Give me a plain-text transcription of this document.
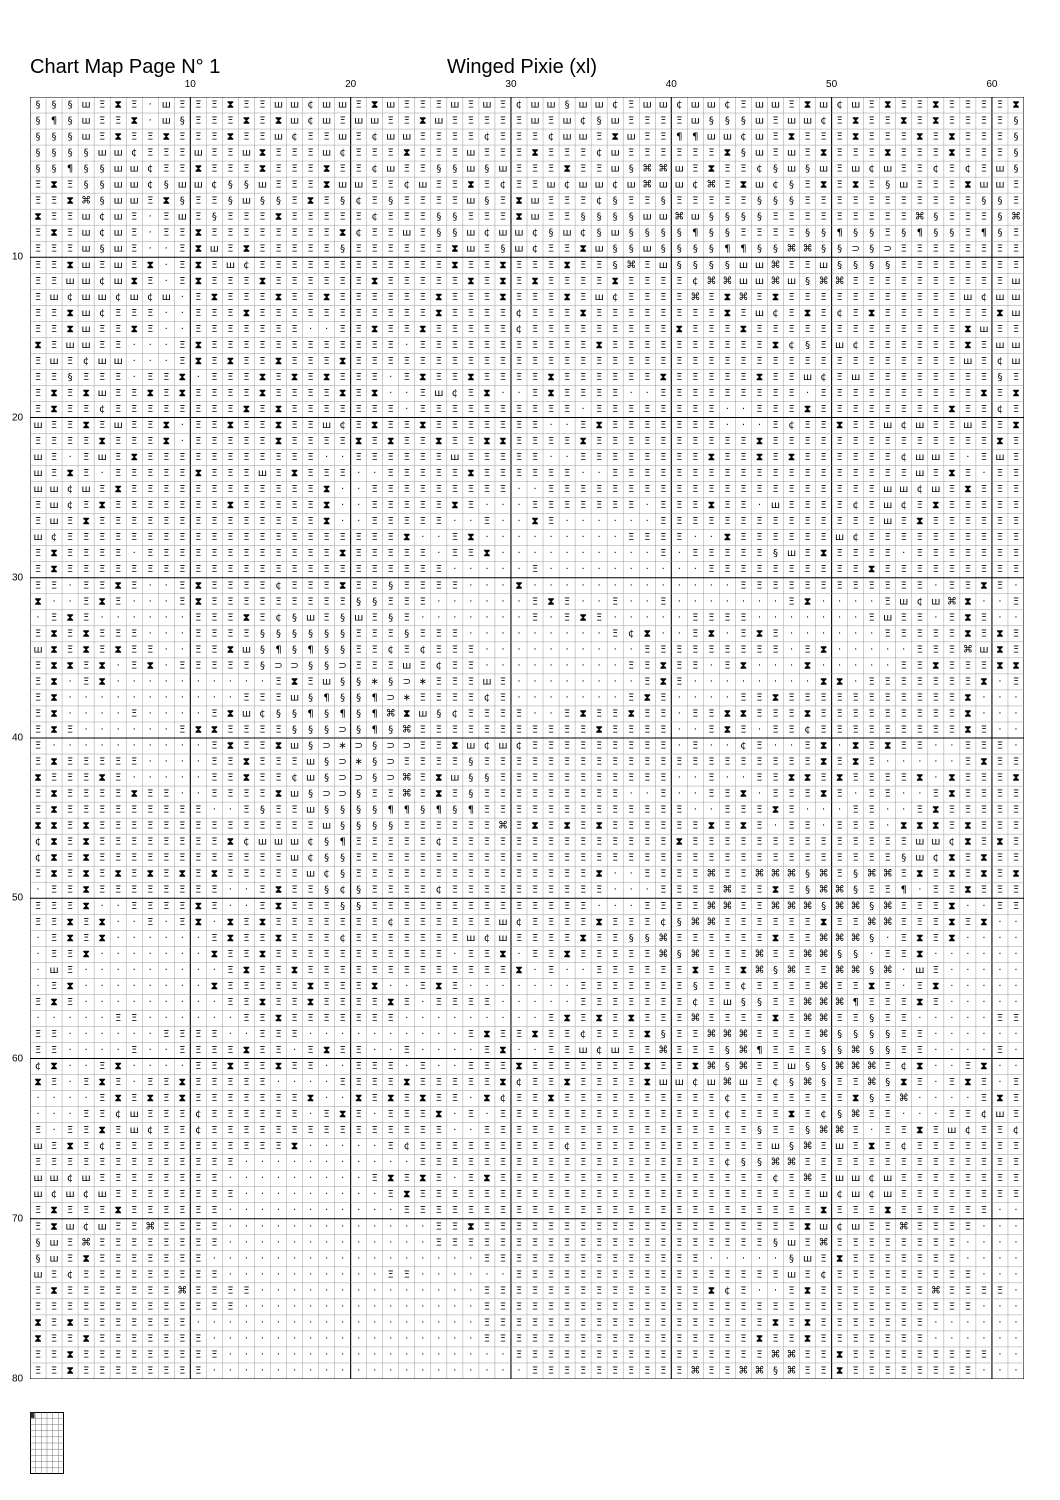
Chart Map Page N° 1	Winged Pixie (xl)
10	20	30	40	50	60
10
20
30
40
50
60
70
80
§ § § ш Ξ ⧗ Ξ · ш Ξ Ξ Ξ ⧗ Ξ Ξ ш ш ¢ ш ш Ξ ⧗ ш Ξ Ξ Ξ ш Ξ ш Ξ ¢ ш ш § ш ш ¢ Ξ ш ш ¢ ш ш ¢ Ξ ш ш Ξ ⧗ ш ¢ ш Ξ ⧗ Ξ Ξ ⧗ Ξ Ξ Ξ Ξ ⧗
§ ¶ § ш Ξ Ξ ⧗ · ш § Ξ Ξ Ξ ⧗ Ξ ⧗ ш ¢ ш Ξ ш ш Ξ Ξ ⧗ ш Ξ Ξ Ξ Ξ Ξ ш Ξ ш ¢ § ш Ξ Ξ Ξ Ξ ш § § § ш Ξ ш ш ¢ Ξ ⧗ Ξ Ξ ⧗ Ξ ⧗ Ξ Ξ Ξ Ξ §
§ § § ш Ξ ⧗ Ξ Ξ ⧗ Ξ Ξ Ξ ⧗ Ξ Ξ ш ¢ Ξ Ξ ш Ξ ¢ ш ш Ξ Ξ Ξ Ξ ¢ Ξ Ξ Ξ ¢ ш ш Ξ ⧗ ш Ξ Ξ ¶ ¶ ш ш ¢ ш Ξ ⧗ Ξ Ξ Ξ ⧗ Ξ Ξ Ξ ⧗ Ξ ⧗ Ξ Ξ Ξ §
§ § § § ш ш ¢ Ξ Ξ Ξ ш Ξ Ξ ш ⧗ Ξ Ξ Ξ ш ¢ Ξ Ξ Ξ ⧗ Ξ Ξ Ξ ш Ξ Ξ Ξ ⧗ Ξ Ξ Ξ ¢ ш Ξ Ξ Ξ Ξ Ξ Ξ ⧗ § ш Ξ ш Ξ ⧗ Ξ Ξ Ξ ⧗ Ξ Ξ Ξ ⧗ Ξ Ξ Ξ §
§ § ¶ § § ш ш ¢ Ξ Ξ ⧗ Ξ Ξ Ξ ⧗ Ξ Ξ Ξ ⧗ Ξ Ξ ¢ ш Ξ Ξ § § ш § ш Ξ Ξ Ξ ⧗ Ξ Ξ ш § ⌘ ⌘ ш Ξ ⧗ Ξ Ξ ¢ § ш § ш Ξ ш ¢ ш Ξ Ξ ¢ Ξ ¢ Ξ ш §
Ξ ⧗ Ξ § § ш ш ¢ § ш ш ¢ § § ш Ξ Ξ Ξ ⧗ ш ш Ξ Ξ ¢ ш Ξ Ξ ⧗ Ξ ¢ Ξ Ξ ш ¢ ш ш ¢ ш ⌘ ш ш ¢ ⌘ Ξ ⧗ ш ¢ § Ξ ⧗ Ξ ⧗ Ξ § ш Ξ Ξ Ξ ⧗ ш ш Ξ
Ξ Ξ ⧗ ⌘ § ш ш Ξ ⧗ § Ξ Ξ § ш § § Ξ ⧗ Ξ § ¢ Ξ § Ξ Ξ Ξ Ξ ш § Ξ ⧗ ш Ξ Ξ Ξ ¢ § Ξ Ξ § Ξ Ξ Ξ Ξ Ξ § § § Ξ Ξ Ξ Ξ Ξ Ξ Ξ Ξ Ξ Ξ Ξ § § Ξ
⧗ Ξ Ξ ш ¢ ш Ξ · Ξ ш Ξ § Ξ Ξ Ξ ⧗ Ξ Ξ Ξ Ξ Ξ ¢ Ξ Ξ Ξ § § Ξ Ξ Ξ ⧗ ш Ξ Ξ § § § § ш ш ⌘ ш § § § § Ξ Ξ Ξ Ξ Ξ Ξ Ξ Ξ Ξ ⌘ § Ξ Ξ Ξ § ⌘
Ξ ⧗ Ξ ш ¢ ш Ξ · Ξ Ξ ⧗ Ξ Ξ Ξ Ξ Ξ Ξ Ξ Ξ ⧗ ¢ Ξ Ξ ш Ξ § § ш ¢ ш ш ¢ § ш ¢ § ш § § § § ¶ § § Ξ Ξ Ξ Ξ § § ¶ § § Ξ § ¶ § § Ξ ¶ § Ξ
Ξ Ξ Ξ ш § ш Ξ · · Ξ ⧗ ш Ξ ⧗ Ξ Ξ Ξ Ξ Ξ § Ξ Ξ Ξ Ξ Ξ Ξ ⧗ ш Ξ § ш ¢ Ξ Ξ ⧗ ш § § ш § § § § ¶ ¶ § § ⌘ ⌘ § § ⊃ § ⊃ Ξ Ξ Ξ Ξ Ξ Ξ Ξ Ξ
Ξ Ξ ⧗ ш Ξ ш Ξ ⧗ · Ξ ⧗ Ξ ш ¢ Ξ Ξ Ξ Ξ Ξ Ξ Ξ Ξ Ξ Ξ Ξ Ξ ⧗ Ξ Ξ ⧗ Ξ Ξ Ξ ⧗ Ξ Ξ § ⌘ Ξ ш § § § § ш ш ⌘ Ξ Ξ ш § § § § Ξ Ξ Ξ Ξ Ξ Ξ Ξ Ξ
Ξ Ξ ш ш ¢ ш ⧗ Ξ · Ξ ⧗ Ξ Ξ Ξ ⧗ Ξ Ξ Ξ Ξ Ξ Ξ ⧗ Ξ Ξ Ξ Ξ Ξ ⧗ Ξ ⧗ Ξ ⧗ Ξ Ξ Ξ Ξ ⧗ Ξ Ξ Ξ Ξ ¢ ⌘ ⌘ ш ш ⌘ ш § ⌘ ⌘ Ξ Ξ Ξ Ξ Ξ Ξ Ξ Ξ Ξ Ξ ш
Ξ ш ¢ ш ш ¢ ш ¢ ш · Ξ ⧗ Ξ Ξ Ξ ⧗ Ξ Ξ ⧗ Ξ Ξ Ξ Ξ Ξ Ξ ⧗ Ξ Ξ Ξ ⧗ Ξ Ξ Ξ ⧗ Ξ ш ¢ Ξ Ξ Ξ Ξ ⌘ Ξ ⧗ ⌘ Ξ ⧗ Ξ Ξ Ξ Ξ Ξ Ξ Ξ Ξ Ξ Ξ Ξ ш ¢ ш ш
Ξ Ξ ⧗ ш ¢ Ξ Ξ Ξ · · Ξ Ξ Ξ ⧗ Ξ Ξ Ξ Ξ Ξ Ξ Ξ Ξ Ξ Ξ Ξ ⧗ Ξ Ξ Ξ Ξ ¢ Ξ Ξ Ξ ⧗ Ξ Ξ Ξ Ξ Ξ Ξ Ξ Ξ ⧗ Ξ ш ¢ Ξ ⧗ Ξ ¢ Ξ ⧗ Ξ Ξ Ξ Ξ Ξ Ξ Ξ ⧗ ш
Ξ Ξ ⧗ ш Ξ Ξ ⧗ Ξ · · Ξ Ξ Ξ Ξ Ξ Ξ Ξ · · Ξ Ξ ⧗ Ξ Ξ ⧗ Ξ Ξ Ξ Ξ Ξ ¢ Ξ Ξ Ξ Ξ Ξ Ξ Ξ Ξ Ξ ⧗ Ξ Ξ Ξ ⧗ Ξ Ξ Ξ Ξ Ξ Ξ Ξ Ξ Ξ Ξ Ξ Ξ Ξ ⧗ ш Ξ Ξ
⧗ Ξ ш ш Ξ Ξ · · · Ξ ⧗ Ξ Ξ Ξ Ξ Ξ Ξ Ξ Ξ Ξ Ξ Ξ Ξ · Ξ Ξ Ξ Ξ Ξ Ξ Ξ Ξ Ξ Ξ Ξ ⧗ Ξ Ξ Ξ Ξ Ξ Ξ Ξ Ξ Ξ Ξ ⧗ ¢ § Ξ ш ¢ Ξ Ξ Ξ Ξ Ξ Ξ ⧗ Ξ ш ш
Ξ ш Ξ ¢ ш ш · · · Ξ ⧗ Ξ ⧗ Ξ Ξ ⧗ Ξ Ξ Ξ ⧗ Ξ Ξ Ξ Ξ Ξ Ξ Ξ Ξ Ξ Ξ Ξ Ξ Ξ Ξ Ξ Ξ Ξ Ξ Ξ Ξ Ξ Ξ Ξ Ξ Ξ Ξ Ξ Ξ Ξ Ξ Ξ Ξ Ξ Ξ Ξ Ξ Ξ Ξ ш Ξ ¢ ш
Ξ Ξ § Ξ Ξ Ξ · Ξ Ξ ⧗ · Ξ Ξ Ξ ⧗ Ξ ⧗ Ξ ⧗ Ξ Ξ Ξ · Ξ ⧗ Ξ Ξ ⧗ Ξ Ξ Ξ Ξ ⧗ Ξ Ξ Ξ Ξ Ξ Ξ ⧗ Ξ Ξ Ξ Ξ Ξ ⧗ Ξ Ξ ш ¢ Ξ ш Ξ Ξ Ξ Ξ Ξ Ξ Ξ Ξ § Ξ
Ξ ⧗ Ξ ⧗ ш Ξ Ξ ⧗ Ξ ⧗ Ξ Ξ Ξ Ξ ⧗ Ξ Ξ Ξ Ξ ⧗ Ξ ⧗ · · Ξ ш ¢ Ξ ⧗ · · Ξ ⧗ Ξ Ξ Ξ Ξ · · Ξ Ξ Ξ Ξ Ξ Ξ Ξ Ξ Ξ · Ξ Ξ Ξ Ξ Ξ Ξ Ξ Ξ Ξ Ξ ⧗ Ξ ⧗
Ξ ⧗ Ξ Ξ ¢ Ξ Ξ Ξ Ξ Ξ Ξ Ξ Ξ ⧗ Ξ ⧗ Ξ Ξ Ξ Ξ Ξ Ξ Ξ · Ξ Ξ Ξ Ξ Ξ Ξ Ξ Ξ Ξ Ξ · Ξ Ξ Ξ Ξ Ξ Ξ Ξ Ξ · · Ξ Ξ Ξ ⧗ Ξ Ξ Ξ Ξ Ξ Ξ Ξ Ξ ⧗ Ξ Ξ ¢ Ξ
ш Ξ Ξ ⧗ Ξ ш Ξ Ξ ⧗ · Ξ Ξ ⧗ Ξ Ξ ⧗ Ξ Ξ ш ¢ Ξ ⧗ Ξ Ξ ⧗ Ξ Ξ Ξ Ξ Ξ Ξ Ξ · · Ξ ⧗ Ξ Ξ Ξ Ξ Ξ Ξ Ξ · · · Ξ ¢ Ξ Ξ ⧗ Ξ Ξ ш ¢ ш Ξ Ξ ш Ξ Ξ ⧗
Ξ Ξ Ξ Ξ ⧗ Ξ Ξ Ξ ⧗ · Ξ Ξ Ξ Ξ Ξ ⧗ Ξ Ξ Ξ Ξ ⧗ Ξ ⧗ Ξ Ξ ⧗ Ξ Ξ ⧗ ⧗ Ξ Ξ Ξ Ξ ⧗ Ξ Ξ Ξ Ξ Ξ Ξ Ξ Ξ Ξ Ξ ⧗ Ξ Ξ Ξ Ξ Ξ Ξ Ξ Ξ Ξ Ξ Ξ Ξ Ξ Ξ ⧗ Ξ
ш Ξ · Ξ ш Ξ ⧗ Ξ Ξ Ξ Ξ Ξ Ξ Ξ Ξ Ξ Ξ Ξ · · Ξ Ξ Ξ Ξ Ξ Ξ ш Ξ Ξ Ξ Ξ Ξ · · Ξ Ξ Ξ Ξ Ξ Ξ Ξ Ξ ⧗ Ξ Ξ ⧗ Ξ ⧗ Ξ Ξ Ξ Ξ Ξ Ξ ¢ ш ш Ξ · Ξ ш Ξ
ш Ξ ⧗ Ξ · Ξ Ξ Ξ Ξ Ξ ⧗ Ξ Ξ Ξ ш Ξ ⧗ Ξ Ξ Ξ · · Ξ Ξ Ξ Ξ Ξ ⧗ Ξ Ξ Ξ Ξ Ξ Ξ · · Ξ Ξ Ξ Ξ Ξ Ξ Ξ Ξ Ξ Ξ Ξ Ξ Ξ Ξ Ξ Ξ Ξ Ξ Ξ ш Ξ ⧗ Ξ · Ξ Ξ
ш ш ¢ ш Ξ ⧗ Ξ Ξ Ξ Ξ Ξ Ξ Ξ Ξ Ξ Ξ Ξ Ξ ⧗ · · Ξ Ξ Ξ Ξ Ξ Ξ Ξ Ξ Ξ · · Ξ Ξ Ξ Ξ Ξ Ξ Ξ Ξ Ξ Ξ Ξ Ξ Ξ Ξ Ξ Ξ Ξ Ξ Ξ Ξ Ξ ш ш ¢ ш Ξ ⧗ Ξ Ξ Ξ
Ξ ш ¢ Ξ ⧗ Ξ Ξ Ξ Ξ Ξ Ξ Ξ ⧗ Ξ Ξ Ξ Ξ Ξ ⧗ · · Ξ Ξ Ξ Ξ Ξ ⧗ Ξ · · · Ξ Ξ Ξ Ξ Ξ Ξ Ξ · Ξ Ξ Ξ ⧗ Ξ Ξ · ш Ξ Ξ Ξ Ξ ¢ Ξ ш ¢ Ξ ⧗ Ξ Ξ Ξ Ξ Ξ
Ξ ш Ξ ⧗ Ξ Ξ Ξ Ξ Ξ Ξ Ξ Ξ Ξ Ξ Ξ Ξ Ξ Ξ ⧗ · · Ξ Ξ Ξ Ξ Ξ · · Ξ · · ⧗ Ξ · · · · · · Ξ Ξ Ξ Ξ Ξ Ξ Ξ Ξ Ξ Ξ Ξ Ξ Ξ Ξ ш Ξ ⧗ Ξ Ξ Ξ Ξ Ξ Ξ
ш ¢ Ξ Ξ Ξ Ξ Ξ Ξ Ξ Ξ Ξ Ξ Ξ Ξ Ξ Ξ Ξ Ξ Ξ Ξ Ξ Ξ Ξ ⧗ · · Ξ ⧗ · · · · · · · · · Ξ Ξ Ξ Ξ · · ⧗ Ξ Ξ Ξ Ξ Ξ Ξ ш ¢ Ξ Ξ Ξ Ξ Ξ Ξ Ξ Ξ Ξ Ξ
Ξ ⧗ Ξ Ξ Ξ Ξ · Ξ Ξ Ξ Ξ Ξ Ξ Ξ Ξ Ξ Ξ Ξ Ξ ⧗ Ξ Ξ Ξ Ξ Ξ · Ξ Ξ ⧗ · · · · · · · · · · Ξ · Ξ Ξ Ξ Ξ Ξ § ш Ξ ⧗ Ξ Ξ Ξ Ξ · Ξ Ξ Ξ Ξ Ξ Ξ Ξ
Ξ ⧗ Ξ Ξ Ξ Ξ Ξ Ξ Ξ Ξ Ξ Ξ Ξ Ξ Ξ Ξ Ξ Ξ Ξ Ξ Ξ Ξ Ξ Ξ Ξ Ξ · · · · · Ξ · · · · · · · · · · Ξ Ξ Ξ Ξ Ξ Ξ Ξ Ξ Ξ Ξ ⧗ Ξ Ξ Ξ Ξ Ξ Ξ Ξ Ξ Ξ
Ξ Ξ · Ξ Ξ ⧗ Ξ · · Ξ ⧗ Ξ Ξ Ξ Ξ ¢ Ξ Ξ Ξ ⧗ Ξ Ξ § Ξ Ξ Ξ Ξ · · · ⧗ · · · · · · · · · · · · · Ξ Ξ Ξ Ξ Ξ Ξ Ξ Ξ Ξ Ξ Ξ Ξ · Ξ Ξ ⧗ Ξ ·
⧗ · · Ξ ⧗ Ξ · · · Ξ ⧗ Ξ Ξ Ξ Ξ Ξ Ξ Ξ Ξ Ξ § § Ξ Ξ Ξ · · · · · · Ξ ⧗ Ξ · · Ξ · · Ξ · · · · · · · Ξ ⧗ · · · · Ξ ш ¢ ш ⌘ ⧗ · · Ξ
· Ξ ⧗ Ξ · · · · · · Ξ Ξ Ξ ⧗ Ξ ¢ § ш Ξ § ш Ξ § Ξ · · · · · · · Ξ · Ξ ⧗ Ξ · · · · · Ξ Ξ Ξ Ξ · · · · · · · Ξ ш Ξ Ξ · Ξ ⧗ Ξ · ·
Ξ ⧗ Ξ ⧗ Ξ Ξ Ξ · · · Ξ Ξ Ξ Ξ § § § § § § Ξ Ξ Ξ § Ξ Ξ Ξ · · · · · · · · · Ξ ¢ ⧗ · · Ξ ⧗ · Ξ ⧗ Ξ · · · · · · Ξ Ξ Ξ Ξ Ξ ⧗ Ξ ⧗ Ξ
ш ⧗ Ξ ⧗ Ξ ⧗ Ξ Ξ · · Ξ Ξ ⧗ ш § ¶ § ¶ § § Ξ Ξ ¢ Ξ ¢ Ξ Ξ Ξ · · · · · · · · · · Ξ Ξ Ξ Ξ Ξ Ξ Ξ Ξ Ξ · Ξ ⧗ · · · · · Ξ Ξ Ξ ⌘ ш ⧗ Ξ
Ξ ⧗ ⧗ Ξ ⧗ · Ξ ⧗ · Ξ Ξ Ξ Ξ Ξ § ⊃ ⊃ § § ⊃ Ξ Ξ Ξ ш Ξ ¢ Ξ Ξ · · · · · · · · · Ξ Ξ ⧗ Ξ Ξ · Ξ ⧗ · · · ⧗ · · · · · Ξ Ξ ⧗ Ξ Ξ Ξ ⧗ ⧗
Ξ ⧗ · Ξ ⧗ · · · · · · · · · · Ξ ⧗ Ξ ш § § ∗ § ⊃ ∗ Ξ Ξ Ξ ш Ξ · · · · · · · · Ξ ⧗ Ξ · · · · · · · · ⧗ ⧗ · Ξ Ξ Ξ Ξ Ξ Ξ Ξ ⧗ · Ξ
Ξ ⧗ · · · · · · · · · · · Ξ Ξ Ξ ш § ¶ § § ¶ ⊃ ∗ Ξ Ξ Ξ Ξ ¢ Ξ · · · · · · · Ξ ⧗ Ξ · · · · Ξ Ξ ⧗ Ξ Ξ Ξ Ξ Ξ Ξ Ξ Ξ Ξ Ξ Ξ ⧗ · · ·
Ξ ⧗ · · · · Ξ · · · · Ξ ⧗ ш ¢ § § ¶ § ¶ § ¶ ⌘ ⧗ ш § ¢ Ξ Ξ Ξ Ξ · · Ξ ⧗ Ξ Ξ ⧗ Ξ Ξ · Ξ Ξ ⧗ ⧗ Ξ Ξ Ξ ⧗ Ξ Ξ Ξ Ξ Ξ Ξ Ξ Ξ Ξ ⧗ · · ·
Ξ ⧗ Ξ · · · · · · Ξ ⧗ ⧗ Ξ Ξ Ξ Ξ § § § ⊃ § ¶ § ⌘ Ξ Ξ Ξ Ξ Ξ Ξ Ξ Ξ Ξ Ξ Ξ ⧗ Ξ Ξ Ξ Ξ · · Ξ ⧗ Ξ · Ξ Ξ ¢ Ξ Ξ Ξ Ξ Ξ Ξ Ξ Ξ Ξ ⧗ Ξ · ·
Ξ · · · · · · · · · · Ξ ⧗ Ξ Ξ ⧗ ш § ⊃ ∗ ⊃ § ⊃ ⊃ Ξ Ξ ⧗ ш ¢ ш ¢ Ξ Ξ Ξ Ξ Ξ Ξ Ξ Ξ Ξ · Ξ · · ¢ Ξ · · Ξ ⧗ · ⧗ Ξ ⧗ Ξ Ξ · · Ξ Ξ Ξ ·
Ξ ⧗ Ξ Ξ Ξ Ξ Ξ · · · · Ξ Ξ ⧗ Ξ Ξ Ξ ш § ⊃ ∗ § ⊃ Ξ Ξ Ξ Ξ § Ξ Ξ Ξ Ξ Ξ Ξ Ξ Ξ Ξ Ξ Ξ Ξ Ξ Ξ Ξ Ξ Ξ Ξ Ξ Ξ Ξ ⧗ Ξ ⧗ Ξ · · · · · Ξ ⧗ Ξ Ξ
⧗ Ξ Ξ Ξ ⧗ Ξ · · · · · Ξ Ξ ⧗ Ξ Ξ ¢ ш § ⊃ ⊃ § ⊃ ⌘ Ξ ⧗ ш § § Ξ Ξ Ξ Ξ Ξ Ξ Ξ Ξ Ξ Ξ Ξ · · Ξ · · Ξ Ξ ⧗ ⧗ Ξ ⧗ Ξ Ξ Ξ Ξ ⧗ · ⧗ Ξ Ξ Ξ ⧗
Ξ ⧗ Ξ Ξ Ξ Ξ ⧗ Ξ Ξ · · Ξ Ξ Ξ Ξ ⧗ ш § ⊃ ⊃ § Ξ Ξ ⌘ Ξ ⧗ Ξ § Ξ Ξ Ξ Ξ Ξ Ξ Ξ Ξ Ξ · · Ξ · · Ξ Ξ ⧗ · Ξ Ξ Ξ ⧗ Ξ · Ξ Ξ · · Ξ ⧗ Ξ Ξ Ξ Ξ
Ξ ⧗ Ξ Ξ Ξ Ξ Ξ Ξ Ξ Ξ Ξ · · Ξ § Ξ Ξ ш § § § § ¶ ¶ § ¶ § ¶ Ξ Ξ Ξ Ξ Ξ Ξ Ξ Ξ Ξ Ξ Ξ Ξ Ξ · · Ξ Ξ Ξ ⧗ Ξ · · · Ξ Ξ · · Ξ ⧗ Ξ Ξ Ξ Ξ Ξ
⧗ ⧗ Ξ ⧗ Ξ Ξ Ξ Ξ Ξ Ξ Ξ Ξ Ξ Ξ Ξ Ξ Ξ Ξ ш § § § § Ξ Ξ Ξ Ξ Ξ Ξ ⌘ Ξ ⧗ Ξ ⧗ Ξ ⧗ Ξ Ξ Ξ Ξ Ξ Ξ ⧗ Ξ ⧗ Ξ · Ξ Ξ · Ξ Ξ Ξ · ⧗ ⧗ ⧗ Ξ ⧗ Ξ Ξ Ξ
¢ ⧗ Ξ ⧗ Ξ Ξ Ξ Ξ Ξ Ξ Ξ Ξ ⧗ ¢ ш ш ш ¢ § ¶ Ξ Ξ Ξ Ξ Ξ ¢ Ξ Ξ Ξ Ξ Ξ Ξ Ξ Ξ Ξ Ξ Ξ Ξ Ξ Ξ ⧗ Ξ Ξ Ξ Ξ Ξ Ξ Ξ Ξ Ξ Ξ Ξ Ξ Ξ Ξ ш ш ¢ ⧗ Ξ ⧗ Ξ
¢ ⧗ Ξ ⧗ Ξ Ξ Ξ Ξ Ξ Ξ Ξ Ξ Ξ Ξ Ξ Ξ ш ¢ § § Ξ Ξ Ξ Ξ Ξ Ξ Ξ Ξ Ξ Ξ Ξ Ξ Ξ Ξ Ξ Ξ Ξ Ξ Ξ Ξ Ξ Ξ Ξ Ξ Ξ Ξ Ξ Ξ Ξ Ξ Ξ Ξ Ξ Ξ § ш ¢ ⧗ Ξ ⧗ Ξ Ξ
Ξ ⧗ Ξ ⧗ Ξ ⧗ Ξ ⧗ Ξ ⧗ Ξ ⧗ Ξ Ξ Ξ Ξ Ξ ш ¢ § Ξ Ξ Ξ Ξ Ξ Ξ Ξ Ξ Ξ Ξ Ξ Ξ Ξ Ξ Ξ ⧗ · · Ξ Ξ Ξ Ξ ⌘ Ξ Ξ ⌘ ⌘ ⌘ § ⌘ Ξ § ⌘ ⌘ Ξ ⧗ Ξ ⧗ Ξ ⧗ Ξ ⧗
· Ξ Ξ ⧗ Ξ Ξ Ξ Ξ Ξ Ξ Ξ Ξ · · Ξ ⧗ Ξ Ξ § ¢ § Ξ Ξ Ξ Ξ ¢ Ξ Ξ Ξ Ξ Ξ Ξ Ξ Ξ Ξ Ξ · · · Ξ Ξ Ξ Ξ ⌘ Ξ Ξ ⧗ Ξ § ⌘ ⌘ § Ξ Ξ ¶ · Ξ Ξ ⧗ Ξ Ξ Ξ
Ξ Ξ Ξ ⧗ · · Ξ Ξ Ξ Ξ ⧗ Ξ · · Ξ ⧗ Ξ Ξ Ξ § § Ξ Ξ Ξ Ξ Ξ Ξ Ξ Ξ Ξ Ξ Ξ Ξ Ξ Ξ · · · Ξ Ξ Ξ Ξ ⌘ ⌘ Ξ Ξ ⌘ ⌘ ⌘ § ⌘ ⌘ § ⌘ Ξ Ξ Ξ ⧗ · · Ξ Ξ
Ξ Ξ ⧗ Ξ ⧗ · · Ξ · Ξ ⧗ · ⧗ Ξ ⧗ Ξ Ξ Ξ Ξ Ξ Ξ Ξ ¢ Ξ Ξ Ξ Ξ Ξ Ξ ш ¢ Ξ Ξ Ξ Ξ ⧗ Ξ Ξ Ξ ¢ § ⌘ ⌘ Ξ Ξ Ξ Ξ Ξ Ξ ⧗ Ξ Ξ ⌘ ⌘ Ξ Ξ Ξ ⧗ Ξ ⧗ · ·
· Ξ ⧗ Ξ ⧗ · · · · · · Ξ ⧗ Ξ Ξ ⧗ Ξ Ξ Ξ ¢ Ξ Ξ Ξ Ξ Ξ Ξ Ξ ш ¢ ш Ξ Ξ Ξ Ξ ⧗ Ξ Ξ § § ⌘ Ξ Ξ Ξ Ξ Ξ Ξ ⧗ Ξ Ξ ⌘ ⌘ ⌘ § · Ξ ⧗ Ξ ⧗ · · · ·
· Ξ Ξ ⧗ · · · · · · · ⧗ Ξ Ξ ⧗ Ξ Ξ Ξ Ξ Ξ Ξ Ξ Ξ Ξ Ξ Ξ · Ξ Ξ ⧗ · Ξ Ξ ⧗ Ξ Ξ Ξ Ξ Ξ ⌘ § ⌘ Ξ Ξ Ξ ⌘ Ξ Ξ ⌘ ⌘ § § · Ξ Ξ ⧗ · · · · · ·
· ш Ξ · · · · · · · · · Ξ ⧗ Ξ Ξ ⧗ Ξ Ξ Ξ Ξ Ξ Ξ Ξ Ξ Ξ Ξ Ξ Ξ Ξ ⧗ · Ξ · · Ξ Ξ Ξ Ξ Ξ Ξ ⧗ Ξ Ξ ⧗ ⌘ § ⌘ Ξ Ξ ⌘ ⌘ § ⌘ · ш Ξ · · · · ·
· Ξ ⧗ · · · · · · · · ⧗ Ξ Ξ Ξ Ξ Ξ ⧗ Ξ Ξ Ξ ⧗ · · Ξ ⧗ Ξ · · · · · · · Ξ Ξ Ξ Ξ Ξ Ξ Ξ § Ξ Ξ ¢ Ξ Ξ Ξ Ξ ⌘ Ξ Ξ ⧗ Ξ · Ξ ⧗ · · · · ·
Ξ ⧗ Ξ · · · · · · · · · Ξ Ξ ⧗ Ξ Ξ ⧗ Ξ Ξ Ξ Ξ ⧗ Ξ · Ξ Ξ Ξ Ξ · · · · · Ξ Ξ Ξ Ξ Ξ Ξ Ξ ¢ Ξ ш § § Ξ Ξ ⌘ ⌘ ⌘ ¶ Ξ Ξ Ξ ⧗ Ξ · · · · ·
· · · · · Ξ Ξ · · · · · · Ξ Ξ ⧗ Ξ Ξ Ξ Ξ Ξ Ξ Ξ · · · · · · · · · Ξ ⧗ Ξ ⧗ Ξ ⧗ Ξ Ξ Ξ ⌘ Ξ Ξ Ξ Ξ ⧗ Ξ ⌘ ⌘ Ξ Ξ § Ξ Ξ · · · · · Ξ Ξ
Ξ Ξ · · · · · · Ξ Ξ Ξ Ξ · · Ξ Ξ Ξ · · · · · · · · · · Ξ ⧗ Ξ Ξ ⧗ Ξ Ξ ¢ Ξ Ξ Ξ ⧗ § Ξ Ξ ⌘ ⌘ ⌘ Ξ Ξ Ξ Ξ ⌘ § § § § Ξ Ξ · · · · · ·
Ξ Ξ · · · · Ξ · · Ξ Ξ Ξ Ξ ⧗ Ξ Ξ · Ξ ⧗ Ξ Ξ · · Ξ · · · · Ξ ⧗ · · Ξ Ξ ш ¢ ш Ξ Ξ ⌘ Ξ Ξ Ξ § ⌘ ¶ Ξ Ξ Ξ § § ⌘ § § Ξ Ξ · · · · Ξ ·
¢ ⧗ · · Ξ ⧗ · · · · Ξ Ξ ⧗ Ξ Ξ ⧗ Ξ Ξ · · Ξ Ξ Ξ · Ξ · · Ξ Ξ Ξ ⧗ Ξ Ξ Ξ Ξ Ξ Ξ Ξ ⧗ Ξ Ξ ⧗ ⌘ § ⌘ Ξ Ξ ш § § ⌘ ⌘ ⌘ Ξ ¢ ⧗ · · Ξ ⧗ · ·
⧗ Ξ · Ξ ⧗ Ξ · Ξ Ξ ⧗ Ξ Ξ Ξ Ξ Ξ · · · · Ξ Ξ Ξ Ξ ⧗ Ξ Ξ Ξ Ξ Ξ ⧗ ¢ Ξ Ξ ⧗ Ξ Ξ Ξ Ξ ⧗ ш ш ¢ ш ⌘ ш Ξ ¢ § ⌘ § Ξ Ξ ⌘ § ⧗ Ξ · Ξ ⧗ Ξ · Ξ
· · · · Ξ ⧗ Ξ ⧗ Ξ ⧗ Ξ Ξ Ξ Ξ Ξ Ξ Ξ ⧗ · · ⧗ Ξ ⧗ Ξ ⧗ Ξ Ξ · ⧗ ¢ Ξ Ξ ⧗ Ξ Ξ Ξ Ξ Ξ Ξ Ξ Ξ Ξ Ξ ¢ Ξ Ξ Ξ Ξ Ξ Ξ Ξ ⧗ § Ξ ⌘ · · · · Ξ ⧗ Ξ
· · · Ξ Ξ ¢ ш Ξ Ξ Ξ ¢ Ξ Ξ Ξ Ξ Ξ Ξ · Ξ ⧗ Ξ · Ξ Ξ Ξ ⧗ · Ξ · Ξ Ξ Ξ Ξ Ξ Ξ Ξ Ξ Ξ Ξ Ξ Ξ Ξ Ξ ¢ Ξ Ξ Ξ ⧗ Ξ ¢ § ⌘ Ξ Ξ · · · Ξ Ξ ¢ ш Ξ
Ξ · Ξ Ξ ⧗ Ξ ш ¢ Ξ Ξ ¢ Ξ Ξ Ξ Ξ Ξ Ξ Ξ Ξ Ξ Ξ Ξ Ξ Ξ Ξ Ξ · · Ξ Ξ Ξ Ξ Ξ Ξ Ξ Ξ Ξ Ξ Ξ Ξ Ξ Ξ Ξ Ξ Ξ § Ξ Ξ § ⌘ ⌘ Ξ · Ξ Ξ ⧗ Ξ ш ¢ Ξ Ξ ¢
ш Ξ ⧗ Ξ ¢ Ξ Ξ Ξ Ξ Ξ Ξ Ξ Ξ Ξ Ξ Ξ ⧗ · · · · · Ξ ¢ Ξ Ξ Ξ Ξ Ξ Ξ Ξ Ξ Ξ ¢ Ξ Ξ Ξ Ξ Ξ Ξ Ξ Ξ Ξ Ξ Ξ Ξ ш § ⌘ Ξ ш Ξ ⧗ Ξ ¢ Ξ Ξ Ξ Ξ Ξ Ξ Ξ
Ξ Ξ Ξ Ξ Ξ Ξ Ξ Ξ Ξ Ξ Ξ Ξ Ξ · · · · · · · · · · · Ξ Ξ Ξ Ξ Ξ Ξ Ξ Ξ Ξ Ξ Ξ Ξ Ξ Ξ Ξ Ξ Ξ Ξ Ξ ¢ § § ⌘ ⌘ Ξ Ξ Ξ Ξ Ξ Ξ Ξ Ξ Ξ Ξ Ξ Ξ Ξ Ξ
ш ш ¢ ш Ξ Ξ Ξ Ξ Ξ Ξ Ξ Ξ · · · · · · · · · Ξ ⧗ Ξ ⧗ Ξ · Ξ ⧗ Ξ Ξ Ξ Ξ Ξ Ξ Ξ Ξ Ξ Ξ Ξ Ξ Ξ Ξ Ξ Ξ Ξ ¢ Ξ ⌘ Ξ ш ш ¢ ш Ξ Ξ Ξ Ξ Ξ Ξ Ξ Ξ
ш ¢ ш ¢ ш Ξ Ξ Ξ Ξ Ξ Ξ Ξ Ξ · · · · · · · · · Ξ ⧗ Ξ Ξ Ξ Ξ Ξ Ξ Ξ Ξ Ξ Ξ Ξ Ξ Ξ Ξ Ξ Ξ Ξ Ξ Ξ Ξ Ξ Ξ Ξ Ξ Ξ ш ¢ ш ¢ ш Ξ Ξ Ξ Ξ Ξ Ξ Ξ Ξ
Ξ ⧗ Ξ Ξ Ξ ⧗ Ξ Ξ Ξ Ξ Ξ Ξ · · · · · · · · · · · Ξ Ξ Ξ Ξ Ξ Ξ Ξ Ξ Ξ Ξ Ξ Ξ Ξ Ξ Ξ Ξ Ξ Ξ Ξ Ξ Ξ Ξ Ξ Ξ Ξ Ξ ⧗ Ξ Ξ Ξ ⧗ Ξ Ξ Ξ Ξ Ξ Ξ · ·
Ξ ⧗ ш ¢ ш Ξ Ξ ⌘ Ξ Ξ Ξ Ξ · · · · · · · · · · · · · Ξ Ξ ⧗ Ξ Ξ Ξ Ξ Ξ Ξ Ξ Ξ Ξ Ξ Ξ Ξ Ξ Ξ Ξ Ξ Ξ Ξ Ξ Ξ ⧗ ш ¢ ш Ξ Ξ ⌘ Ξ Ξ Ξ Ξ · · ·
§ ш Ξ ⌘ Ξ Ξ Ξ Ξ Ξ Ξ Ξ Ξ · · · · · · · · · · · · · Ξ Ξ Ξ Ξ Ξ Ξ Ξ Ξ Ξ Ξ Ξ Ξ Ξ Ξ Ξ Ξ Ξ Ξ Ξ Ξ Ξ § ш Ξ ⌘ Ξ Ξ Ξ Ξ Ξ Ξ Ξ Ξ · · · ·
§ ш Ξ ⧗ Ξ Ξ Ξ Ξ Ξ Ξ Ξ · · · · · · · · · · · · · · · · · Ξ Ξ Ξ Ξ Ξ Ξ Ξ Ξ Ξ Ξ Ξ Ξ Ξ Ξ · · · · · § ш Ξ ⧗ Ξ Ξ Ξ Ξ Ξ Ξ Ξ · · · ·
ш Ξ ¢ Ξ Ξ Ξ Ξ Ξ Ξ Ξ Ξ Ξ · · · · · · · · · · Ξ Ξ · · · · · · Ξ Ξ Ξ Ξ Ξ Ξ Ξ Ξ Ξ Ξ Ξ Ξ Ξ Ξ Ξ Ξ Ξ ш Ξ ¢ Ξ Ξ Ξ Ξ Ξ Ξ Ξ Ξ Ξ · · ·
Ξ ⧗ Ξ Ξ Ξ Ξ Ξ Ξ Ξ ⌘ Ξ Ξ Ξ Ξ · · · · · · · · · · · · · · Ξ Ξ Ξ Ξ Ξ Ξ Ξ Ξ Ξ Ξ Ξ Ξ Ξ Ξ ⧗ ¢ Ξ · · Ξ ⧗ Ξ Ξ Ξ Ξ Ξ Ξ Ξ ⌘ Ξ Ξ Ξ Ξ ·
Ξ Ξ Ξ Ξ Ξ Ξ Ξ Ξ Ξ Ξ Ξ Ξ Ξ · · · · · · · · · · · · · · · Ξ Ξ Ξ Ξ Ξ Ξ Ξ Ξ Ξ Ξ Ξ Ξ Ξ Ξ Ξ Ξ Ξ Ξ Ξ Ξ Ξ Ξ Ξ Ξ Ξ Ξ Ξ Ξ Ξ Ξ Ξ · · ·
⧗ Ξ ⧗ Ξ Ξ Ξ Ξ Ξ Ξ Ξ · · · · · · · · · · · · · · · · · · Ξ Ξ Ξ Ξ Ξ Ξ Ξ Ξ Ξ Ξ Ξ Ξ Ξ Ξ Ξ Ξ Ξ Ξ ⧗ Ξ ⧗ Ξ Ξ Ξ Ξ Ξ Ξ Ξ · · · · · ·
⧗ Ξ Ξ ⧗ Ξ Ξ Ξ Ξ Ξ Ξ Ξ · · · · · · · · · · · · · · · · · Ξ Ξ Ξ Ξ Ξ Ξ Ξ Ξ Ξ Ξ Ξ Ξ Ξ Ξ Ξ Ξ Ξ ⧗ Ξ Ξ ⧗ Ξ Ξ Ξ Ξ Ξ Ξ Ξ · · · · · ·
Ξ Ξ ⧗ Ξ Ξ Ξ Ξ Ξ Ξ Ξ Ξ Ξ · · · · · · · · · · · · · · · · · · Ξ Ξ Ξ Ξ Ξ Ξ Ξ Ξ Ξ Ξ Ξ Ξ Ξ Ξ Ξ Ξ ⌘ ⌘ Ξ Ξ ⧗ Ξ Ξ Ξ Ξ Ξ Ξ Ξ Ξ Ξ · ·
Ξ Ξ ⧗ Ξ Ξ Ξ Ξ Ξ Ξ Ξ Ξ · · · · · · · · · · · · · · · · · · · · Ξ Ξ Ξ Ξ Ξ Ξ Ξ Ξ Ξ Ξ ⌘ Ξ Ξ ⌘ ⌘ § ⌘ Ξ Ξ ⧗ Ξ Ξ Ξ Ξ Ξ Ξ Ξ Ξ · · ·
